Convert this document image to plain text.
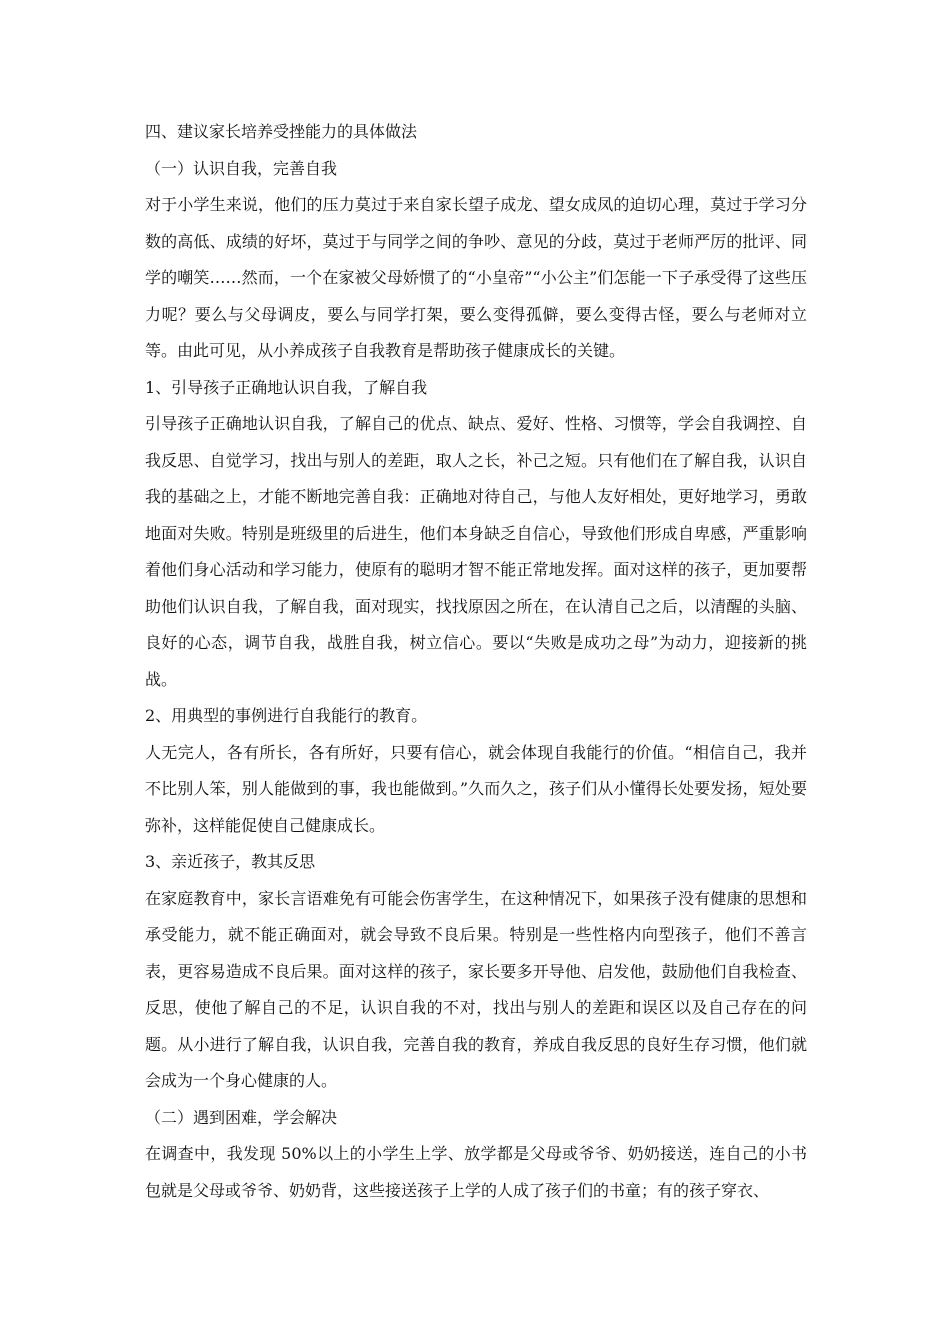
四、建议家长培养受挫能力的具体做法

（一）认识自我，完善自我

对于小学生来说，他们的压力莫过于来自家长望子成龙、望女成凤的迫切心理，莫过于学习分数的高低、成绩的好坏，莫过于与同学之间的争吵、意见的分歧，莫过于老师严厉的批评、同学的嘲笑……然而，一个在家被父母娇惯了的“小皇帝”“小公主”们怎能一下子承受得了这些压力呢？要么与父母调皮，要么与同学打架，要么变得孤僻，要么变得古怪，要么与老师对立等。由此可见，从小养成孩子自我教育是帮助孩子健康成长的关键。

1、引导孩子正确地认识自我，了解自我

引导孩子正确地认识自我，了解自己的优点、缺点、爱好、性格、习惯等，学会自我调控、自我反思、自觉学习，找出与别人的差距，取人之长，补己之短。只有他们在了解自我，认识自我的基础之上，才能不断地完善自我：正确地对待自己，与他人友好相处，更好地学习，勇敢地面对失败。特别是班级里的后进生，他们本身缺乏自信心，导致他们形成自卑感，严重影响着他们身心活动和学习能力，使原有的聪明才智不能正常地发挥。面对这样的孩子，更加要帮助他们认识自我，了解自我，面对现实，找找原因之所在，在认清自己之后，以清醒的头脑、良好的心态，调节自我，战胜自我，树立信心。要以“失败是成功之母”为动力，迎接新的挑战。

2、用典型的事例进行自我能行的教育。

人无完人，各有所长，各有所好，只要有信心，就会体现自我能行的价值。“相信自己，我并不比别人笨，别人能做到的事，我也能做到。”久而久之，孩子们从小懂得长处要发扬，短处要弥补，这样能促使自己健康成长。

3、亲近孩子，教其反思

在家庭教育中，家长言语难免有可能会伤害学生，在这种情况下，如果孩子没有健康的思想和承受能力，就不能正确面对，就会导致不良后果。特别是一些性格内向型孩子，他们不善言表，更容易造成不良后果。面对这样的孩子，家长要多开导他、启发他，鼓励他们自我检查、反思，使他了解自己的不足，认识自我的不对，找出与别人的差距和误区以及自己存在的问题。从小进行了解自我，认识自我，完善自我的教育，养成自我反思的良好生存习惯，他们就会成为一个身心健康的人。

（二）遇到困难，学会解决

在调查中，我发现 50%以上的小学生上学、放学都是父母或爷爷、奶奶接送，连自己的小书包就是父母或爷爷、奶奶背，这些接送孩子上学的人成了孩子们的书童；有的孩子穿衣、
